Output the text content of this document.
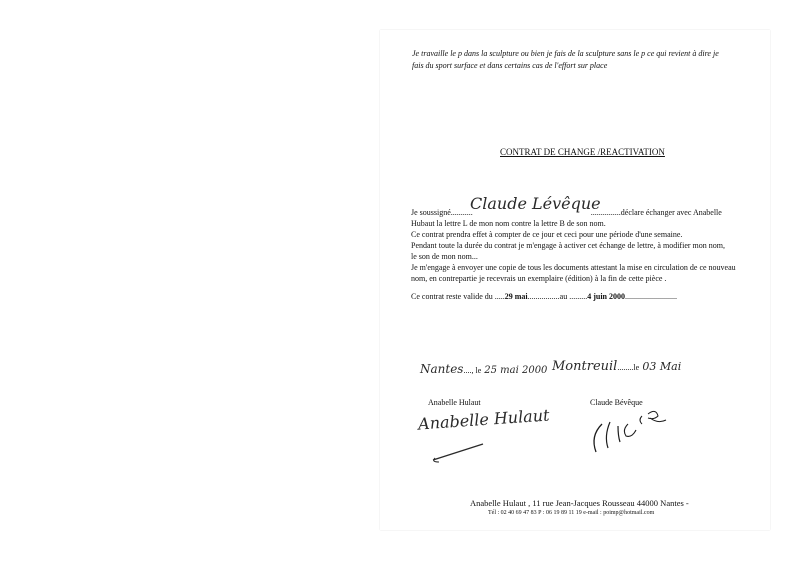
Je travaille le p dans la sculpture ou bien je fais de la sculpture sans le p ce qui revient à dire je
fais du sport surface et dans certains cas de l'effort sur place
CONTRAT DE CHANGE /REACTIVATION
Claude Lévêque
Je soussigné...........	...............déclare échanger avec Anabelle
Hubaut la lettre L de mon nom contre la lettre B de son nom.
Ce contrat prendra effet à compter de ce jour et ceci pour une période d'une semaine.
Pendant toute la durée du contrat je m'engage à activer cet échange de lettre, à modifier mon nom,
le son de mon nom...
Je m'engage à envoyer une copie de tous les documents attestant la mise en circulation de ce nouveau
nom, en contrepartie je recevrais un exemplaire (édition) à la fin de cette pièce .
Ce contrat reste valide du .....29 mai................au .........4 juin 2000..........................
Nantes...., le 25 mai 2000 Montreuil........le 03 Mai
Anabelle Hulaut	Claude Bévêque
Anabelle Hulaut
Anabelle Hulaut , 11 rue Jean-Jacques Rousseau 44000 Nantes -
Tél : 02 40 69 47 83 P : 06 19 89 11 19 e-mail : poimp@hotmail.com
